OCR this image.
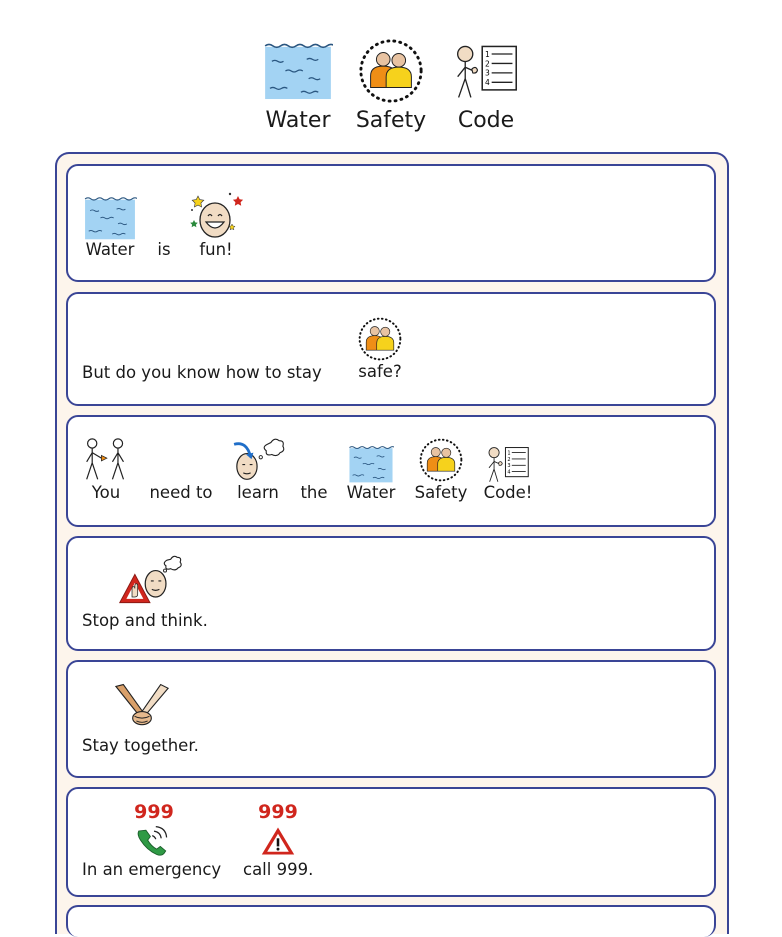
Water	Safety	Code
Water is	fun!
But do you know how to stay	safe?
You	need to	learn	the	Water Safety Code!
Stop and think.
Stay together.
999	999
In an emergency call 999.
